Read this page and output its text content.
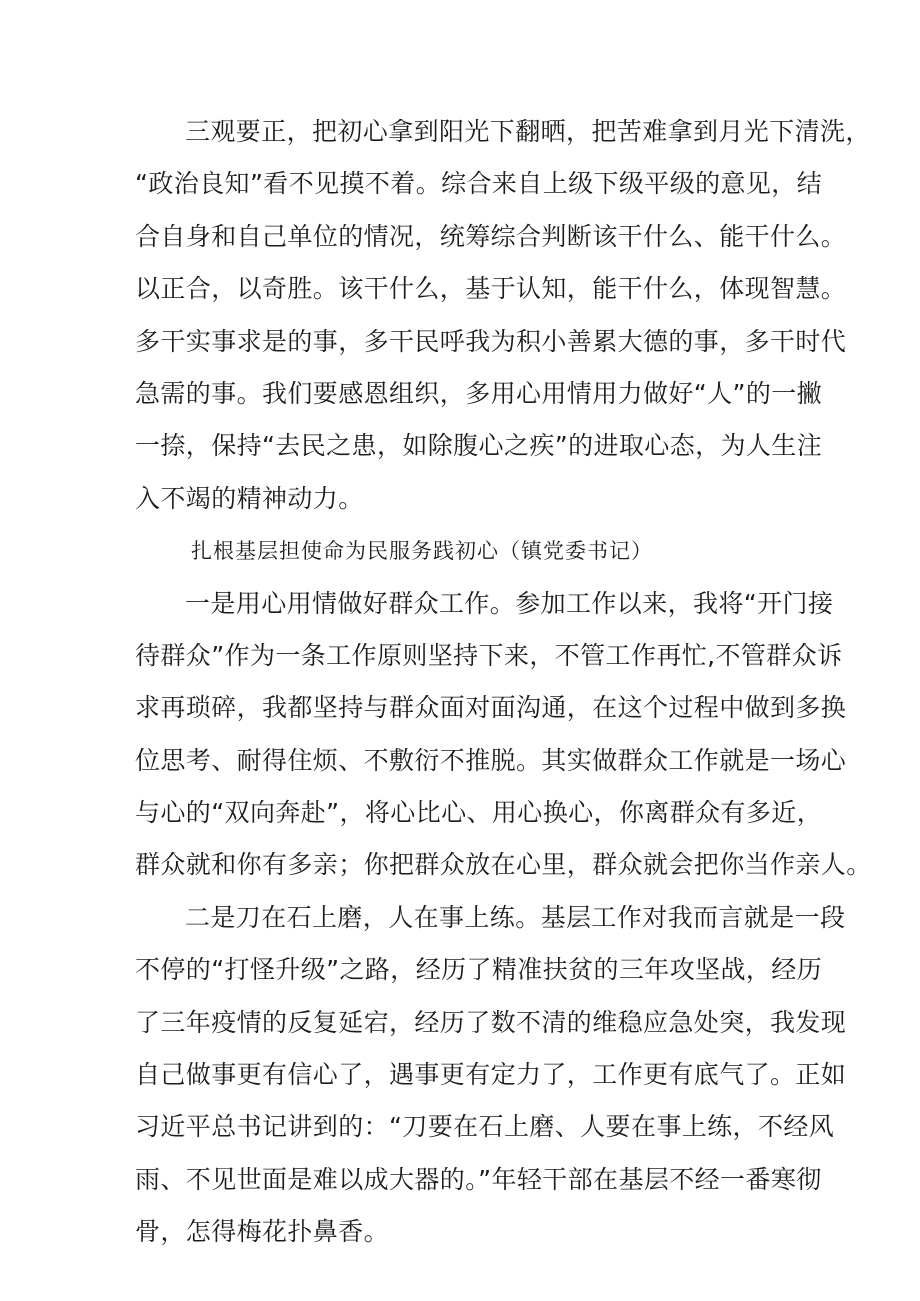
三观要正，把初心拿到阳光下翻晒，把苦难拿到月光下清洗，
“政治良知”看不见摸不着。综合来自上级下级平级的意见，结
合自身和自己单位的情况，统筹综合判断该干什么、能干什么。
以正合，以奇胜。该干什么，基于认知，能干什么，体现智慧。
多干实事求是的事，多干民呼我为积小善累大德的事，多干时代
急需的事。我们要感恩组织，多用心用情用力做好“人”的一撇
一捺，保持“去民之患，如除腹心之疾”的进取心态，为人生注
入不竭的精神动力。
扎根基层担使命为民服务践初心（镇党委书记）
一是用心用情做好群众工作。参加工作以来，我将“开门接
待群众”作为一条工作原则坚持下来，不管工作再忙,不管群众诉
求再琐碎，我都坚持与群众面对面沟通，在这个过程中做到多换
位思考、耐得住烦、不敷衍不推脱。其实做群众工作就是一场心
与心的“双向奔赴”，将心比心、用心换心，你离群众有多近，
群众就和你有多亲；你把群众放在心里，群众就会把你当作亲人。
二是刀在石上磨，人在事上练。基层工作对我而言就是一段
不停的“打怪升级”之路，经历了精准扶贫的三年攻坚战，经历
了三年疫情的反复延宕，经历了数不清的维稳应急处突，我发现
自己做事更有信心了，遇事更有定力了，工作更有底气了。正如
习近平总书记讲到的：“刀要在石上磨、人要在事上练，不经风
雨、不见世面是难以成大器的。”年轻干部在基层不经一番寒彻
骨，怎得梅花扑鼻香。
